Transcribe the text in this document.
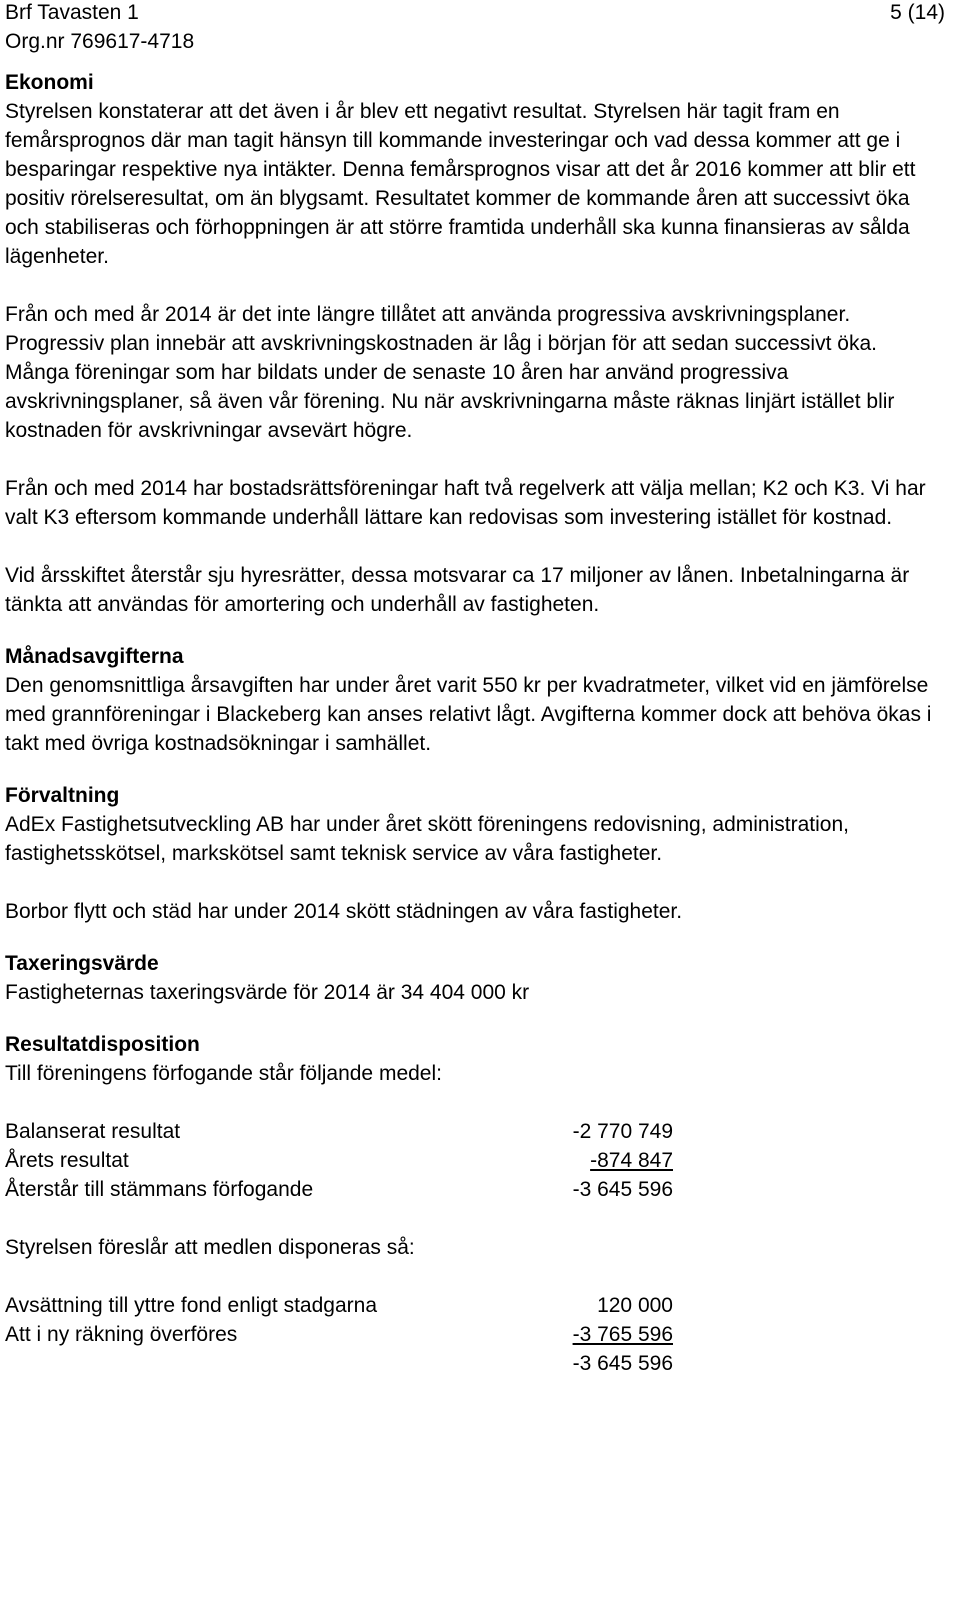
Brf Tavasten 1
Org.nr 769617-4718
5 (14)
Ekonomi

Styrelsen konstaterar att det även i år blev ett negativt resultat. Styrelsen här tagit fram en femårsprognos där man tagit hänsyn till kommande investeringar och vad dessa kommer att ge i besparingar respektive nya intäkter. Denna femårsprognos visar att det år 2016 kommer att blir ett positiv rörelseresultat, om än blygsamt. Resultatet kommer de kommande åren att successivt öka och stabiliseras och förhoppningen är att större framtida underhåll ska kunna finansieras av sålda lägenheter.

Från och med år 2014 är det inte längre tillåtet att använda progressiva avskrivningsplaner. Progressiv plan innebär att avskrivningskostnaden är låg i början för att sedan successivt öka. Många föreningar som har bildats under de senaste 10 åren har använd progressiva avskrivningsplaner, så även vår förening. Nu när avskrivningarna måste räknas linjärt istället blir kostnaden för avskrivningar avsevärt högre.

Från och med 2014 har bostadsrättsföreningar haft två regelverk att välja mellan; K2 och K3. Vi har valt K3 eftersom kommande underhåll lättare kan redovisas som investering istället för kostnad.

Vid årsskiftet återstår sju hyresrätter, dessa motsvarar ca 17 miljoner av lånen. Inbetalningarna är tänkta att användas för amortering och underhåll av fastigheten.

Månadsavgifterna

Den genomsnittliga årsavgiften har under året varit 550 kr per kvadratmeter, vilket vid en jämförelse med grannföreningar i Blackeberg kan anses relativt lågt. Avgifterna kommer dock att behöva ökas i takt med övriga kostnadsökningar i samhället.

Förvaltning

AdEx Fastighetsutveckling AB har under året skött föreningens redovisning, administration, fastighetsskötsel, markskötsel samt teknisk service av våra fastigheter.

Borbor flytt och städ har under 2014 skött städningen av våra fastigheter.

Taxeringsvärde

Fastigheternas taxeringsvärde för 2014 är 34 404 000 kr

Resultatdisposition

Till föreningens förfogande står följande medel:

Balanserat resultat	-2 770 749
Årets resultat	-874 847
Återstår till stämmans förfogande	-3 645 596

Styrelsen föreslår att medlen disponeras så:

Avsättning till yttre fond enligt stadgarna	120 000
Att i ny räkning överföres	-3 765 596
-3 645 596
